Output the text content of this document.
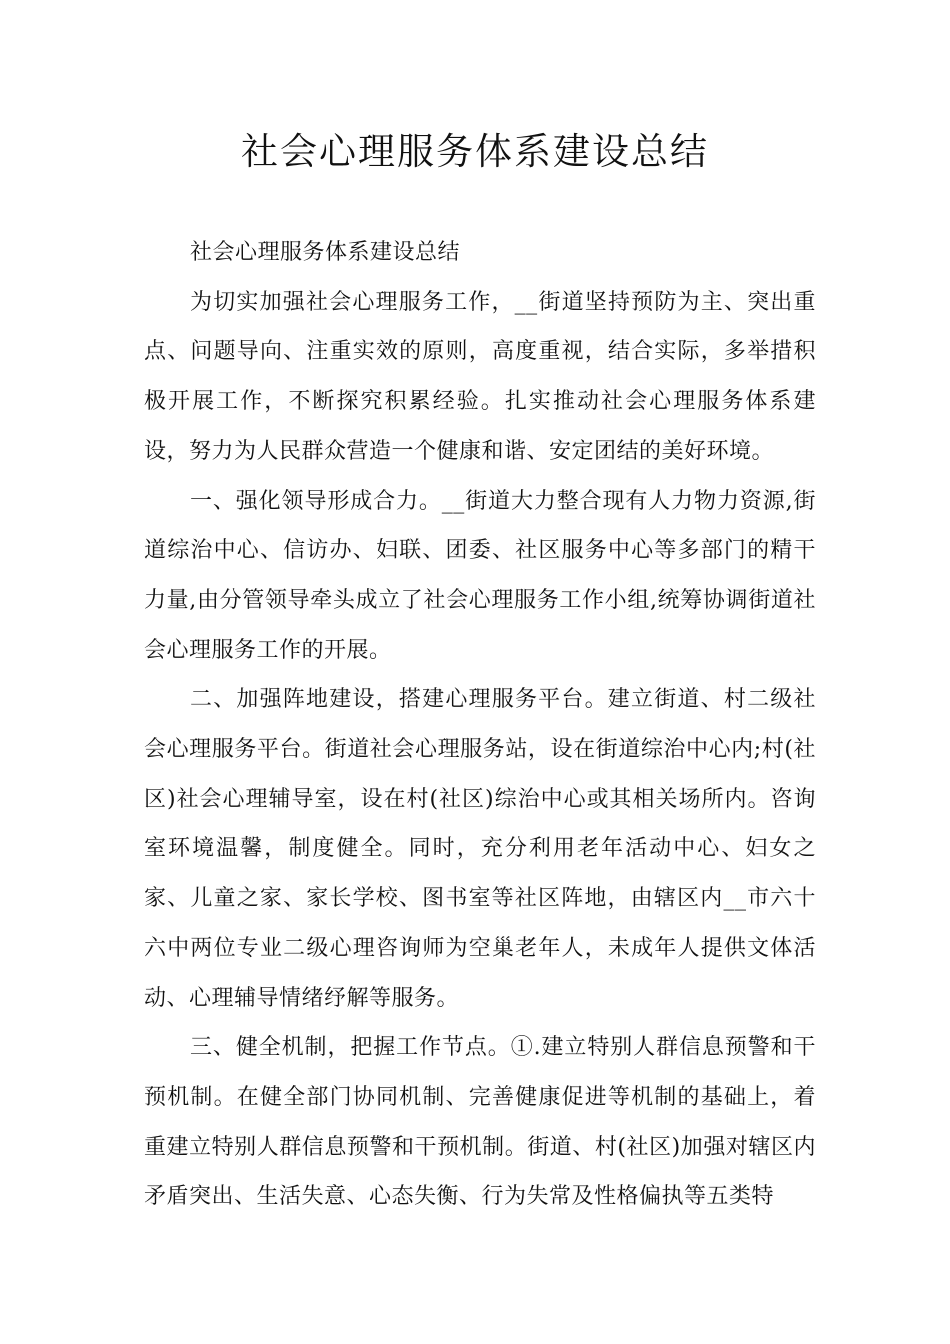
社会心理服务体系建设总结

社会心理服务体系建设总结

为切实加强社会心理服务工作，__街道坚持预防为主、突出重点、问题导向、注重实效的原则，高度重视，结合实际，多举措积极开展工作，不断探究积累经验。扎实推动社会心理服务体系建设，努力为人民群众营造一个健康和谐、安定团结的美好环境。

一、强化领导形成合力。__街道大力整合现有人力物力资源,街道综治中心、信访办、妇联、团委、社区服务中心等多部门的精干力量,由分管领导牵头成立了社会心理服务工作小组,统筹协调街道社会心理服务工作的开展。

二、加强阵地建设，搭建心理服务平台。建立街道、村二级社会心理服务平台。街道社会心理服务站，设在街道综治中心内;村(社区)社会心理辅导室，设在村(社区)综治中心或其相关场所内。咨询室环境温馨，制度健全。同时，充分利用老年活动中心、妇女之家、儿童之家、家长学校、图书室等社区阵地，由辖区内__市六十六中两位专业二级心理咨询师为空巢老年人，未成年人提供文体活动、心理辅导情绪纾解等服务。

三、健全机制，把握工作节点。①.建立特别人群信息预警和干预机制。在健全部门协同机制、完善健康促进等机制的基础上，着重建立特别人群信息预警和干预机制。街道、村(社区)加强对辖区内矛盾突出、生活失意、心态失衡、行为失常及性格偏执等五类特
